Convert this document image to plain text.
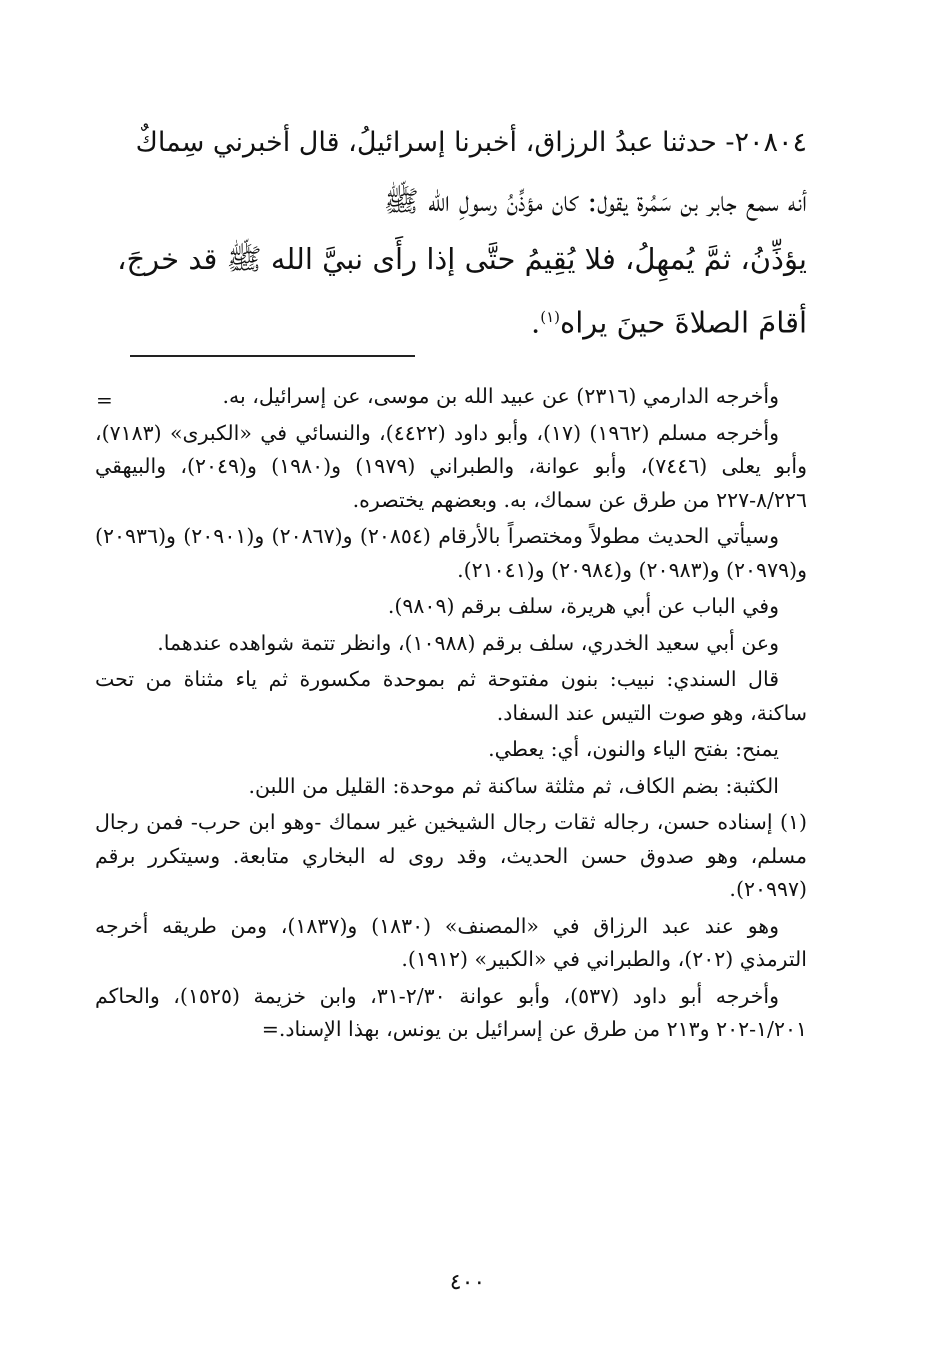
٢٠٨٠٤- حدثنا عبدُ الرزاق، أخبرنا إسرائيلُ، قال أخبرني سِماكٌ

أنه سمع جابر بن سَمُرة يقول: كان مؤذِّنُ رسولِ الله ﷺ

يؤذِّنُ، ثمَّ يُمهِلُ، فلا يُقِيمُ حتَّى إذا رأَى نبيَّ الله ﷺ قد خرجَ،

أقامَ الصلاةَ حينَ يراه$^{(١)}$.

=	وأخرجه الدارمي (٢٣١٦) عن عبيد الله بن موسى، عن إسرائيل، به.

وأخرجه مسلم (١٩٦٢) (١٧)، وأبو داود (٤٤٢٢)، والنسائي في «الكبرى» (٧١٨٣)، وأبو يعلى (٧٤٤٦)، وأبو عوانة، والطبراني (١٩٧٩) و(١٩٨٠) و(٢٠٤٩)، والبيهقي ٨/٢٢٦-٢٢٧ من طرق عن سماك، به. وبعضهم يختصره.

وسيأتي الحديث مطولاً ومختصراً بالأرقام (٢٠٨٥٤) و(٢٠٨٦٧) و(٢٠٩٠١) و(٢٠٩٣٦) و(٢٠٩٧٩) و(٢٠٩٨٣) و(٢٠٩٨٤) و(٢١٠٤١).

وفي الباب عن أبي هريرة، سلف برقم (٩٨٠٩).

وعن أبي سعيد الخدري، سلف برقم (١٠٩٨٨)، وانظر تتمة شواهده عندهما.

قال السندي: نبيب: بنون مفتوحة ثم بموحدة مكسورة ثم ياء مثناة من تحت ساكنة، وهو صوت التيس عند السفاد.

يمنح: بفتح الياء والنون، أي: يعطي.

الكثبة: بضم الكاف، ثم مثلثة ساكنة ثم موحدة: القليل من اللبن.

(١) إسناده حسن، رجاله ثقات رجال الشيخين غير سماك -وهو ابن حرب- فمن رجال مسلم، وهو صدوق حسن الحديث، وقد روى له البخاري متابعة. وسيتكرر برقم (٢٠٩٩٧).

وهو عند عبد الرزاق في «المصنف» (١٨٣٠) و(١٨٣٧)، ومن طريقه أخرجه الترمذي (٢٠٢)، والطبراني في «الكبير» (١٩١٢).

وأخرجه أبو داود (٥٣٧)، وأبو عوانة ٢/٣٠-٣١، وابن خزيمة (١٥٢٥)، والحاكم ١/٢٠١-٢٠٢ و٢١٣ من طرق عن إسرائيل بن يونس، بهذا الإسناد.=

٤٠٠
